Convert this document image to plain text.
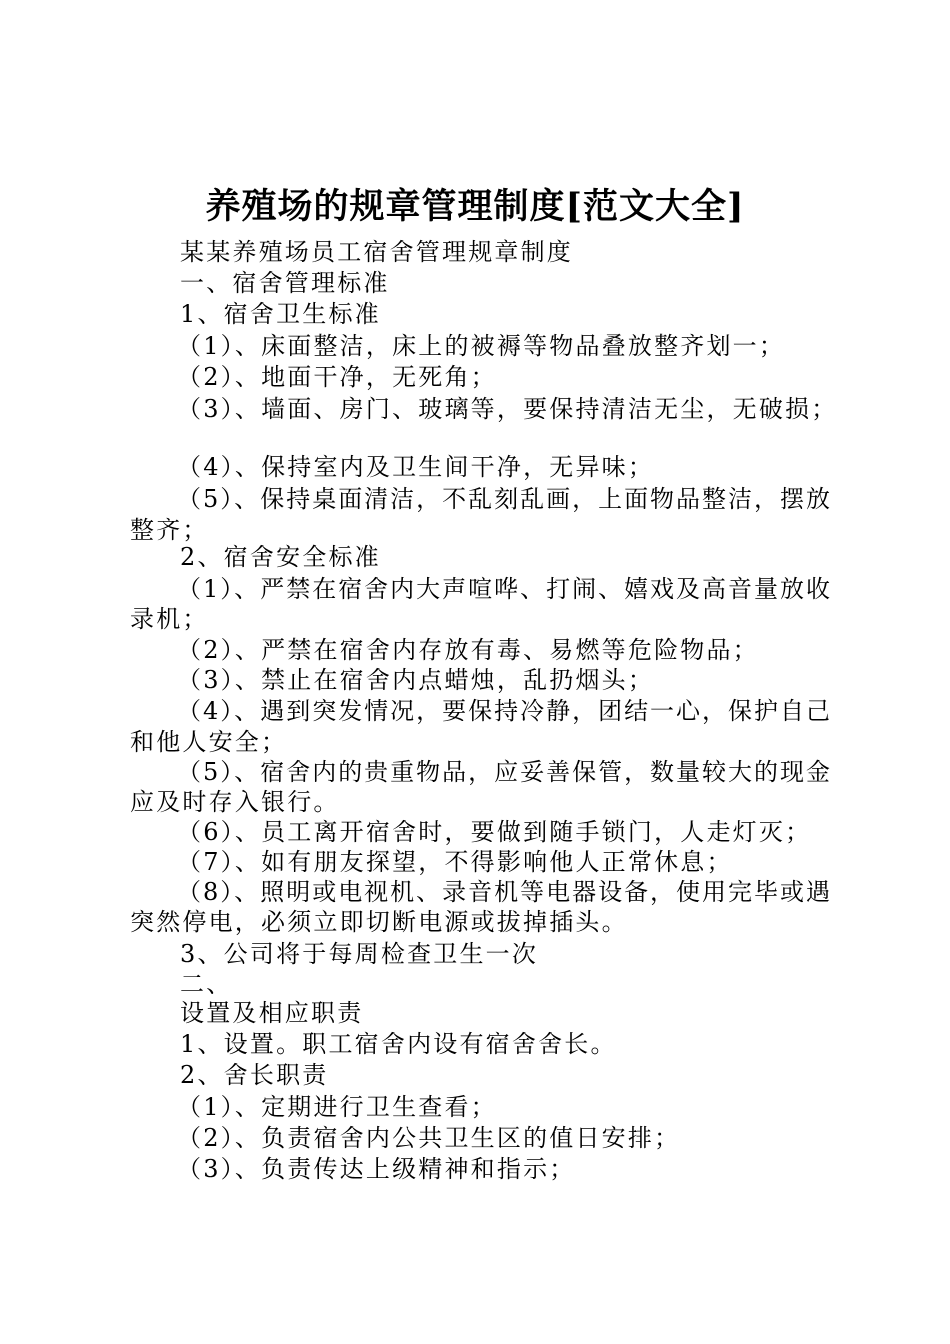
养殖场的规章管理制度[范文大全]
某某养殖场员工宿舍管理规章制度
一、宿舍管理标准
1、宿舍卫生标准
（1）、床面整洁，床上的被褥等物品叠放整齐划一；
（2）、地面干净，无死角；
（3）、墙面、房门、玻璃等，要保持清洁无尘，无破损；
（4）、保持室内及卫生间干净，无异味；
（5）、保持桌面清洁，不乱刻乱画，上面物品整洁，摆放
整齐；
2、宿舍安全标准
（1）、严禁在宿舍内大声喧哗、打闹、嬉戏及高音量放收
录机；
（2）、严禁在宿舍内存放有毒、易燃等危险物品；
（3）、禁止在宿舍内点蜡烛，乱扔烟头；
（4）、遇到突发情况，要保持冷静，团结一心，保护自己
和他人安全；
（5）、宿舍内的贵重物品，应妥善保管，数量较大的现金
应及时存入银行。
（6）、员工离开宿舍时，要做到随手锁门，人走灯灭；
（7）、如有朋友探望，不得影响他人正常休息；
（8）、照明或电视机、录音机等电器设备，使用完毕或遇
突然停电，必须立即切断电源或拔掉插头。
3、公司将于每周检查卫生一次
二、
设置及相应职责
1、设置。职工宿舍内设有宿舍舍长。
2、舍长职责
（1）、定期进行卫生查看；
（2）、负责宿舍内公共卫生区的值日安排；
（3）、负责传达上级精神和指示；
